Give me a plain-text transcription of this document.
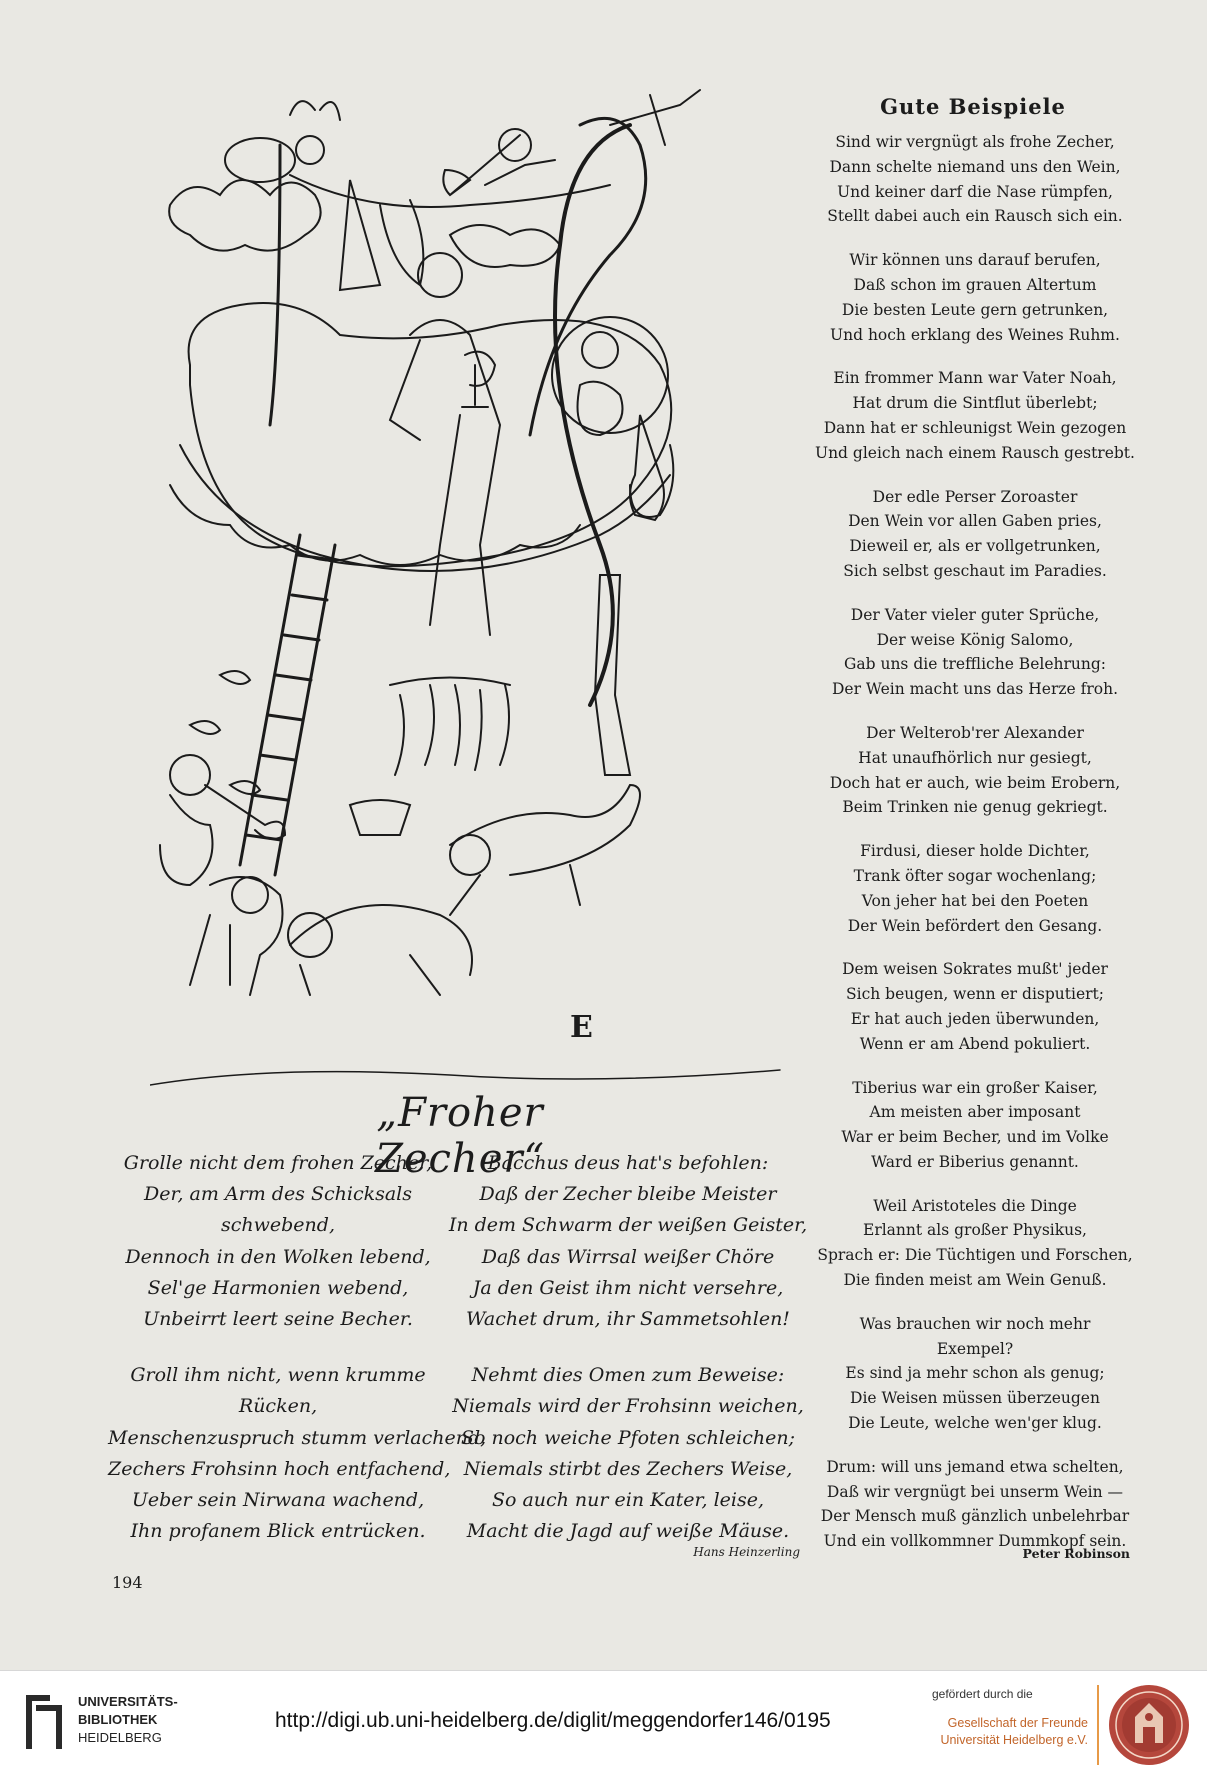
E
„Froher Zecher“
Grolle nicht dem frohen Zecher,
Der, am Arm des Schicksals
schwebend,
Dennoch in den Wolken lebend,
Sel'ge Harmonien webend,
Unbeirrt leert seine Becher.
Groll ihm nicht, wenn krumme
Rücken,
Menschenzuspruch stumm verlachend,
Zechers Frohsinn hoch entfachend,
Ueber sein Nirwana wachend,
Ihn profanem Blick entrücken.
Bacchus deus hat's befohlen:
Daß der Zecher bleibe Meister
In dem Schwarm der weißen Geister,
Daß das Wirrsal weißer Chöre
Ja den Geist ihm nicht versehre,
Wachet drum, ihr Sammetsohlen!
Nehmt dies Omen zum Beweise:
Niemals wird der Frohsinn weichen,
So noch weiche Pfoten schleichen;
Niemals stirbt des Zechers Weise,
So auch nur ein Kater, leise,
Macht die Jagd auf weiße Mäuse.
Hans Heinzerling
194
Gute Beispiele
Sind wir vergnügt als frohe Zecher,
Dann schelte niemand uns den Wein,
Und keiner darf die Nase rümpfen,
Stellt dabei auch ein Rausch sich ein.
Wir können uns darauf berufen,
Daß schon im grauen Altertum
Die besten Leute gern getrunken,
Und hoch erklang des Weines Ruhm.
Ein frommer Mann war Vater Noah,
Hat drum die Sintflut überlebt;
Dann hat er schleunigst Wein gezogen
Und gleich nach einem Rausch gestrebt.
Der edle Perser Zoroaster
Den Wein vor allen Gaben pries,
Dieweil er, als er vollgetrunken,
Sich selbst geschaut im Paradies.
Der Vater vieler guter Sprüche,
Der weise König Salomo,
Gab uns die treffliche Belehrung:
Der Wein macht uns das Herze froh.
Der Welterob'rer Alexander
Hat unaufhörlich nur gesiegt,
Doch hat er auch, wie beim Erobern,
Beim Trinken nie genug gekriegt.
Firdusi, dieser holde Dichter,
Trank öfter sogar wochenlang;
Von jeher hat bei den Poeten
Der Wein befördert den Gesang.
Dem weisen Sokrates mußt' jeder
Sich beugen, wenn er disputiert;
Er hat auch jeden überwunden,
Wenn er am Abend pokuliert.
Tiberius war ein großer Kaiser,
Am meisten aber imposant
War er beim Becher, und im Volke
Ward er Biberius genannt.
Weil Aristoteles die Dinge
Erlannt als großer Physikus,
Sprach er: Die Tüchtigen und Forschen,
Die finden meist am Wein Genuß.
Was brauchen wir noch mehr
Exempel?
Es sind ja mehr schon als genug;
Die Weisen müssen überzeugen
Die Leute, welche wen'ger klug.
Drum: will uns jemand etwa schelten,
Daß wir vergnügt bei unserm Wein —
Der Mensch muß gänzlich unbelehrbar
Und ein vollkommner Dummkopf sein.
Peter Robinson
UNIVERSITÄTS-
BIBLIOTHEK
HEIDELBERG
http://digi.ub.uni-heidelberg.de/diglit/meggendorfer146/0195
gefördert durch die
Gesellschaft der Freunde
Universität Heidelberg e.V.
